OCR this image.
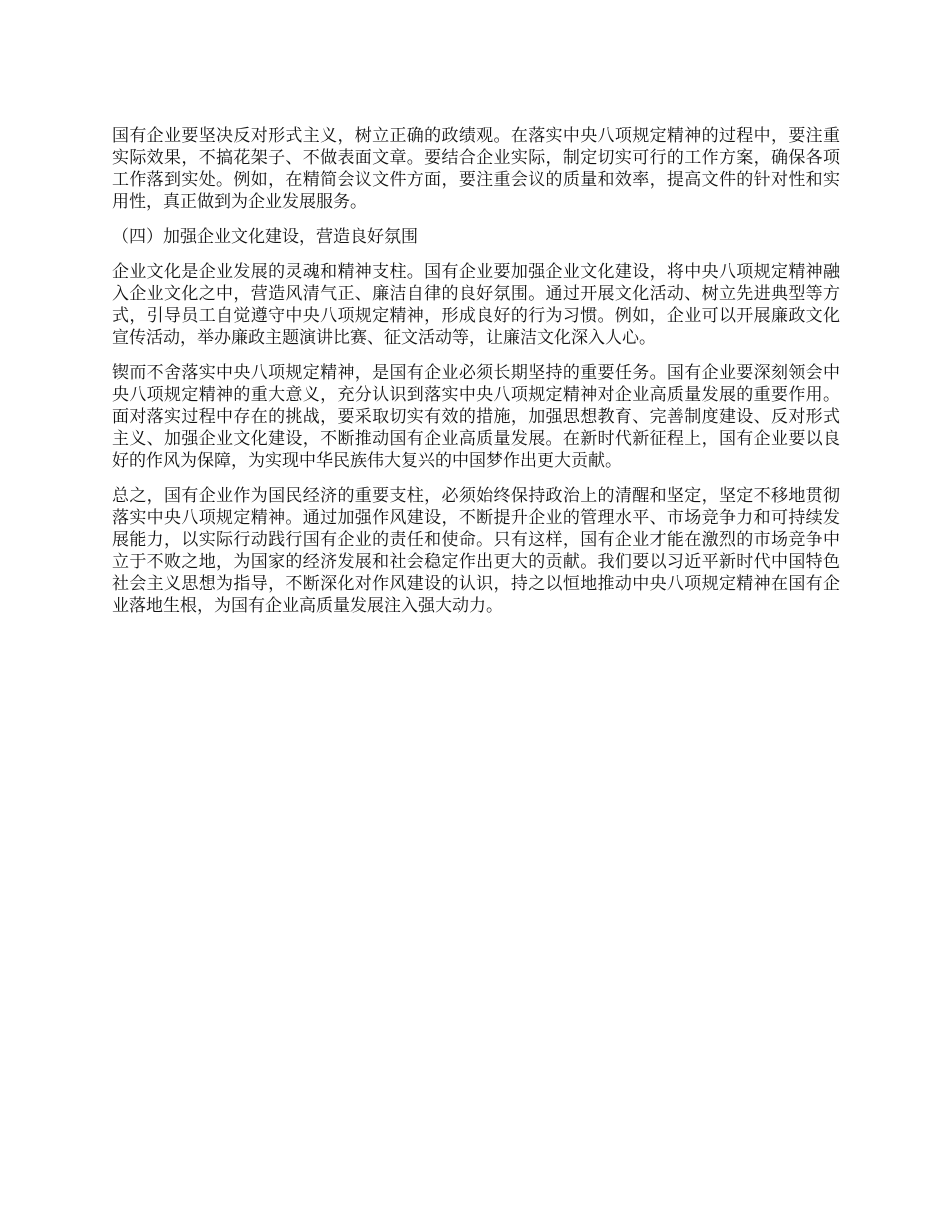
国有企业要坚决反对形式主义，树立正确的政绩观。在落实中央八项规定精神的过程中，要注重实际效果，不搞花架子、不做表面文章。要结合企业实际，制定切实可行的工作方案，确保各项工作落到实处。例如，在精简会议文件方面，要注重会议的质量和效率，提高文件的针对性和实用性，真正做到为企业发展服务。

（四）加强企业文化建设，营造良好氛围

企业文化是企业发展的灵魂和精神支柱。国有企业要加强企业文化建设，将中央八项规定精神融入企业文化之中，营造风清气正、廉洁自律的良好氛围。通过开展文化活动、树立先进典型等方式，引导员工自觉遵守中央八项规定精神，形成良好的行为习惯。例如，企业可以开展廉政文化宣传活动，举办廉政主题演讲比赛、征文活动等，让廉洁文化深入人心。

锲而不舍落实中央八项规定精神，是国有企业必须长期坚持的重要任务。国有企业要深刻领会中央八项规定精神的重大意义，充分认识到落实中央八项规定精神对企业高质量发展的重要作用。面对落实过程中存在的挑战，要采取切实有效的措施，加强思想教育、完善制度建设、反对形式主义、加强企业文化建设，不断推动国有企业高质量发展。在新时代新征程上，国有企业要以良好的作风为保障，为实现中华民族伟大复兴的中国梦作出更大贡献。

总之，国有企业作为国民经济的重要支柱，必须始终保持政治上的清醒和坚定，坚定不移地贯彻落实中央八项规定精神。通过加强作风建设，不断提升企业的管理水平、市场竞争力和可持续发展能力，以实际行动践行国有企业的责任和使命。只有这样，国有企业才能在激烈的市场竞争中立于不败之地，为国家的经济发展和社会稳定作出更大的贡献。我们要以习近平新时代中国特色社会主义思想为指导，不断深化对作风建设的认识，持之以恒地推动中央八项规定精神在国有企业落地生根，为国有企业高质量发展注入强大动力。
